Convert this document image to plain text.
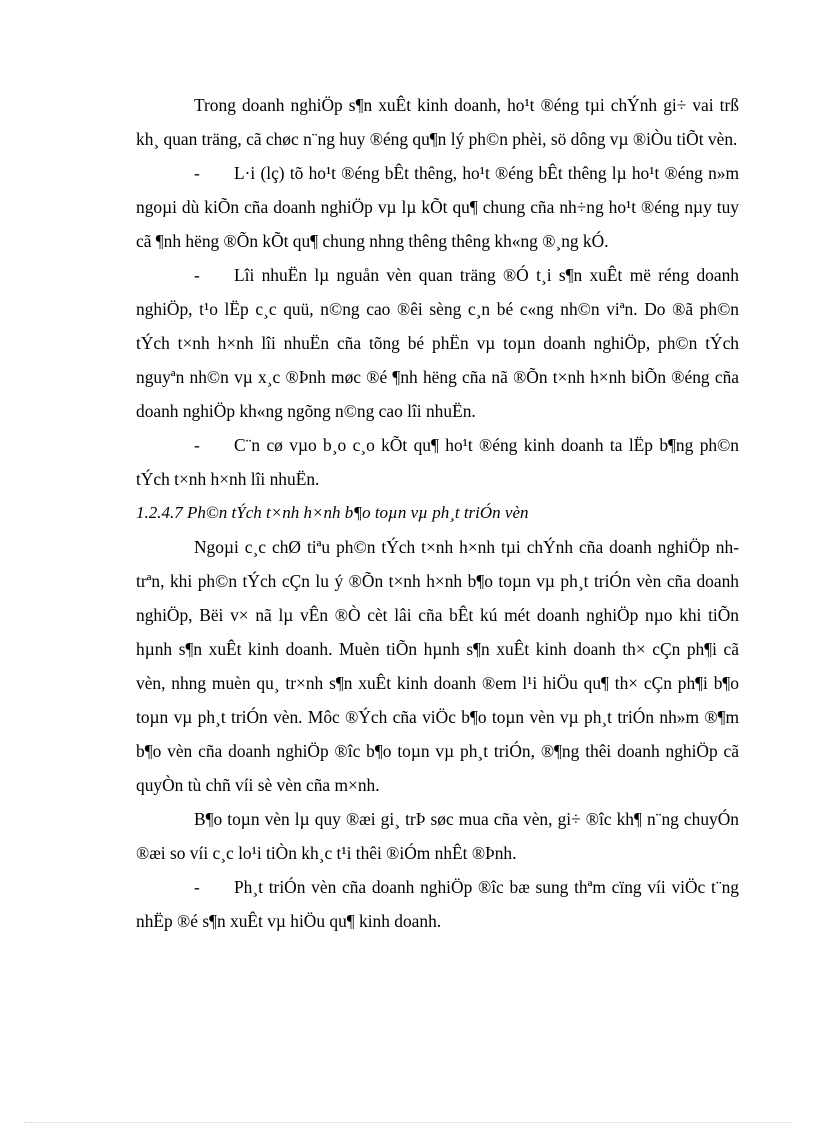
Trong doanh nghiÖp s¶n xuÊt kinh doanh, ho¹t ®éng tµi chÝnh gi÷ vai trß kh¸ quan träng, cã chøc n¨ng huy ®éng qu¶n lý ph©n phèi, sö dông vµ ®iÒu tiÕt vèn.

- L·i (lç) tõ ho¹t ®éng bÊt thêng, ho¹t ®éng bÊt thêng lµ ho¹t ®éng n»m ngoµi dù kiÕn cña doanh nghiÖp vµ lµ kÕt qu¶ chung cña nh÷ng ho¹t ®éng nµy tuy cã ¶nh hëng ®Õn kÕt qu¶ chung nhng thêng thêng kh«ng ®¸ng kÓ.

- Lîi nhuËn lµ nguån vèn quan träng ®Ó t¸i s¶n xuÊt më réng doanh nghiÖp, t¹o lËp c¸c quü, n©ng cao ®êi sèng c¸n bé c«ng nh©n viªn. Do ®ã ph©n tÝch t×nh h×nh lîi nhuËn cña tõng bé phËn vµ toµn doanh nghiÖp, ph©n tÝch nguyªn nh©n vµ x¸c ®Þnh møc ®é ¶nh hëng cña nã ®Õn t×nh h×nh biÕn ®éng cña doanh nghiÖp kh«ng ngõng n©ng cao lîi nhuËn.

- C¨n cø vµo b¸o c¸o kÕt qu¶ ho¹t ®éng kinh doanh ta lËp b¶ng ph©n tÝch t×nh h×nh lîi nhuËn.

1.2.4.7 Ph©n tÝch t×nh h×nh b¶o toµn vµ ph¸t triÓn vèn

Ngoµi c¸c chØ tiªu ph©n tÝch t×nh h×nh tµi chÝnh cña doanh nghiÖp nh trªn, khi ph©n tÝch cÇn lu ý ®Õn t×nh h×nh b¶o toµn vµ ph¸t triÓn vèn cña doanh nghiÖp, Bëi v× nã lµ vÊn ®Ò cèt lâi cña bÊt kú mét doanh nghiÖp nµo khi tiÕn hµnh s¶n xuÊt kinh doanh. Muèn tiÕn hµnh s¶n xuÊt kinh doanh th× cÇn ph¶i cã vèn, nhng muèn qu¸ tr×nh s¶n xuÊt kinh doanh ®em l¹i hiÖu qu¶ th× cÇn ph¶i b¶o toµn vµ ph¸t triÓn vèn. Môc ®Ých cña viÖc b¶o toµn vèn vµ ph¸t triÓn nh»m ®¶m b¶o vèn cña doanh nghiÖp ®îc b¶o toµn vµ ph¸t triÓn, ®¶ng thêi doanh nghiÖp cã quyÒn tù chñ víi sè vèn cña m×nh.

B¶o toµn vèn lµ quy ®æi gi¸ trÞ søc mua cña vèn, gi÷ ®îc kh¶ n¨ng chuyÓn ®æi so víi c¸c lo¹i tiÒn kh¸c t¹i thêi ®iÓm nhÊt ®Þnh.

- Ph¸t triÓn vèn cña doanh nghiÖp ®îc bæ sung thªm cïng víi viÖc t¨ng nhËp ®é s¶n xuÊt vµ hiÖu qu¶ kinh doanh.
